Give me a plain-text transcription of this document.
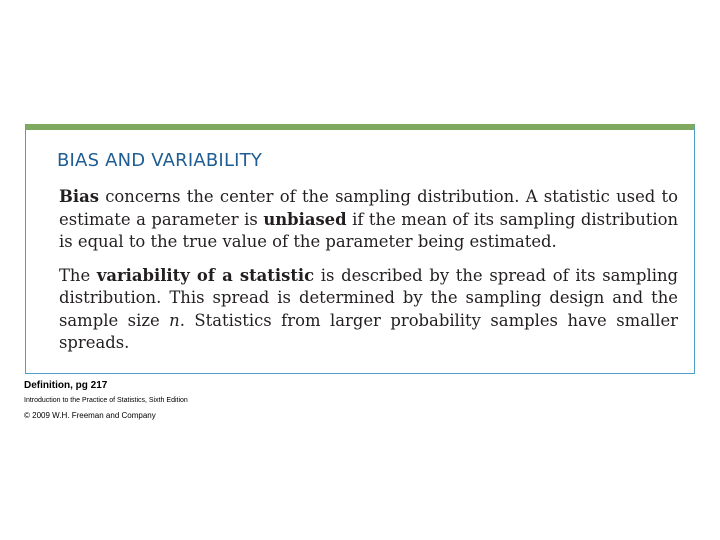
BIAS AND VARIABILITY

Bias concerns the center of the sampling distribution. A statistic used to estimate a parameter is unbiased if the mean of its sampling distribution is equal to the true value of the parameter being estimated.

The variability of a statistic is described by the spread of its sampling distribution. This spread is determined by the sampling design and the sample size n. Statistics from larger probability samples have smaller spreads.

Definition, pg 217
Introduction to the Practice of Statistics, Sixth Edition
© 2009 W.H. Freeman and Company
